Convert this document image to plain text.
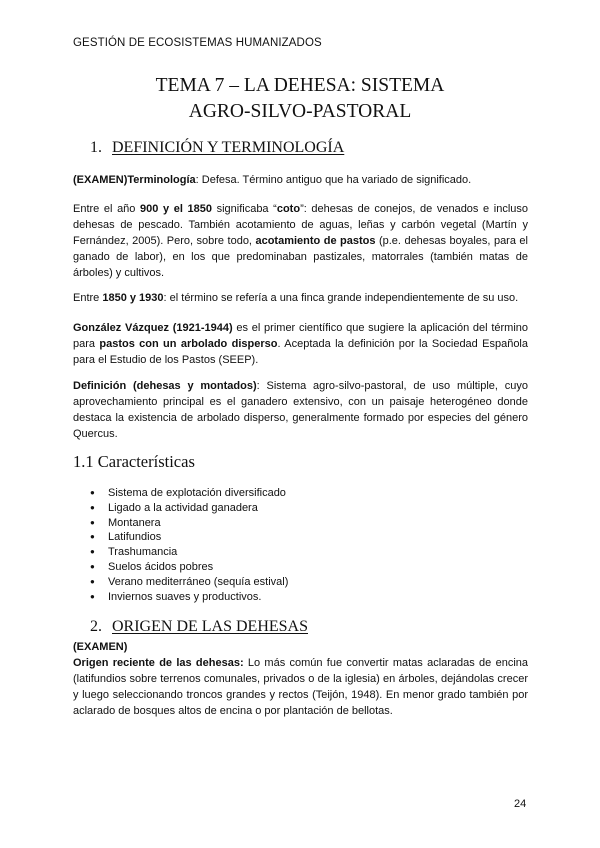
GESTIÓN DE ECOSISTEMAS HUMANIZADOS
TEMA 7 – LA DEHESA: SISTEMA
AGRO-SILVO-PASTORAL
1. DEFINICIÓN Y TERMINOLOGÍA
(EXAMEN)Terminología: Defesa. Término antiguo que ha variado de significado.
Entre el año 900 y el 1850 significaba “coto”: dehesas de conejos, de venados e incluso dehesas de pescado. También acotamiento de aguas, leñas y carbón vegetal (Martín y Fernández, 2005). Pero, sobre todo, acotamiento de pastos (p.e. dehesas boyales, para el ganado de labor), en los que predominaban pastizales, matorrales (también matas de árboles) y cultivos.
Entre 1850 y 1930: el término se refería a una finca grande independientemente de su uso.
González Vázquez (1921-1944) es el primer científico que sugiere la aplicación del término para pastos con un arbolado disperso. Aceptada la definición por la Sociedad Española para el Estudio de los Pastos (SEEP).
Definición (dehesas y montados): Sistema agro-silvo-pastoral, de uso múltiple, cuyo aprovechamiento principal es el ganadero extensivo, con un paisaje heterogéneo donde destaca la existencia de arbolado disperso, generalmente formado por especies del género Quercus.
1.1 Características
● Sistema de explotación diversificado
● Ligado a la actividad ganadera
● Montanera
● Latifundios
● Trashumancia
● Suelos ácidos pobres
● Verano mediterráneo (sequía estival)
● Inviernos suaves y productivos.
2. ORIGEN DE LAS DEHESAS
(EXAMEN)
Origen reciente de las dehesas: Lo más común fue convertir matas aclaradas de encina (latifundios sobre terrenos comunales, privados o de la iglesia) en árboles, dejándolas crecer y luego seleccionando troncos grandes y rectos (Teijón, 1948). En menor grado también por aclarado de bosques altos de encina o por plantación de bellotas.
24
